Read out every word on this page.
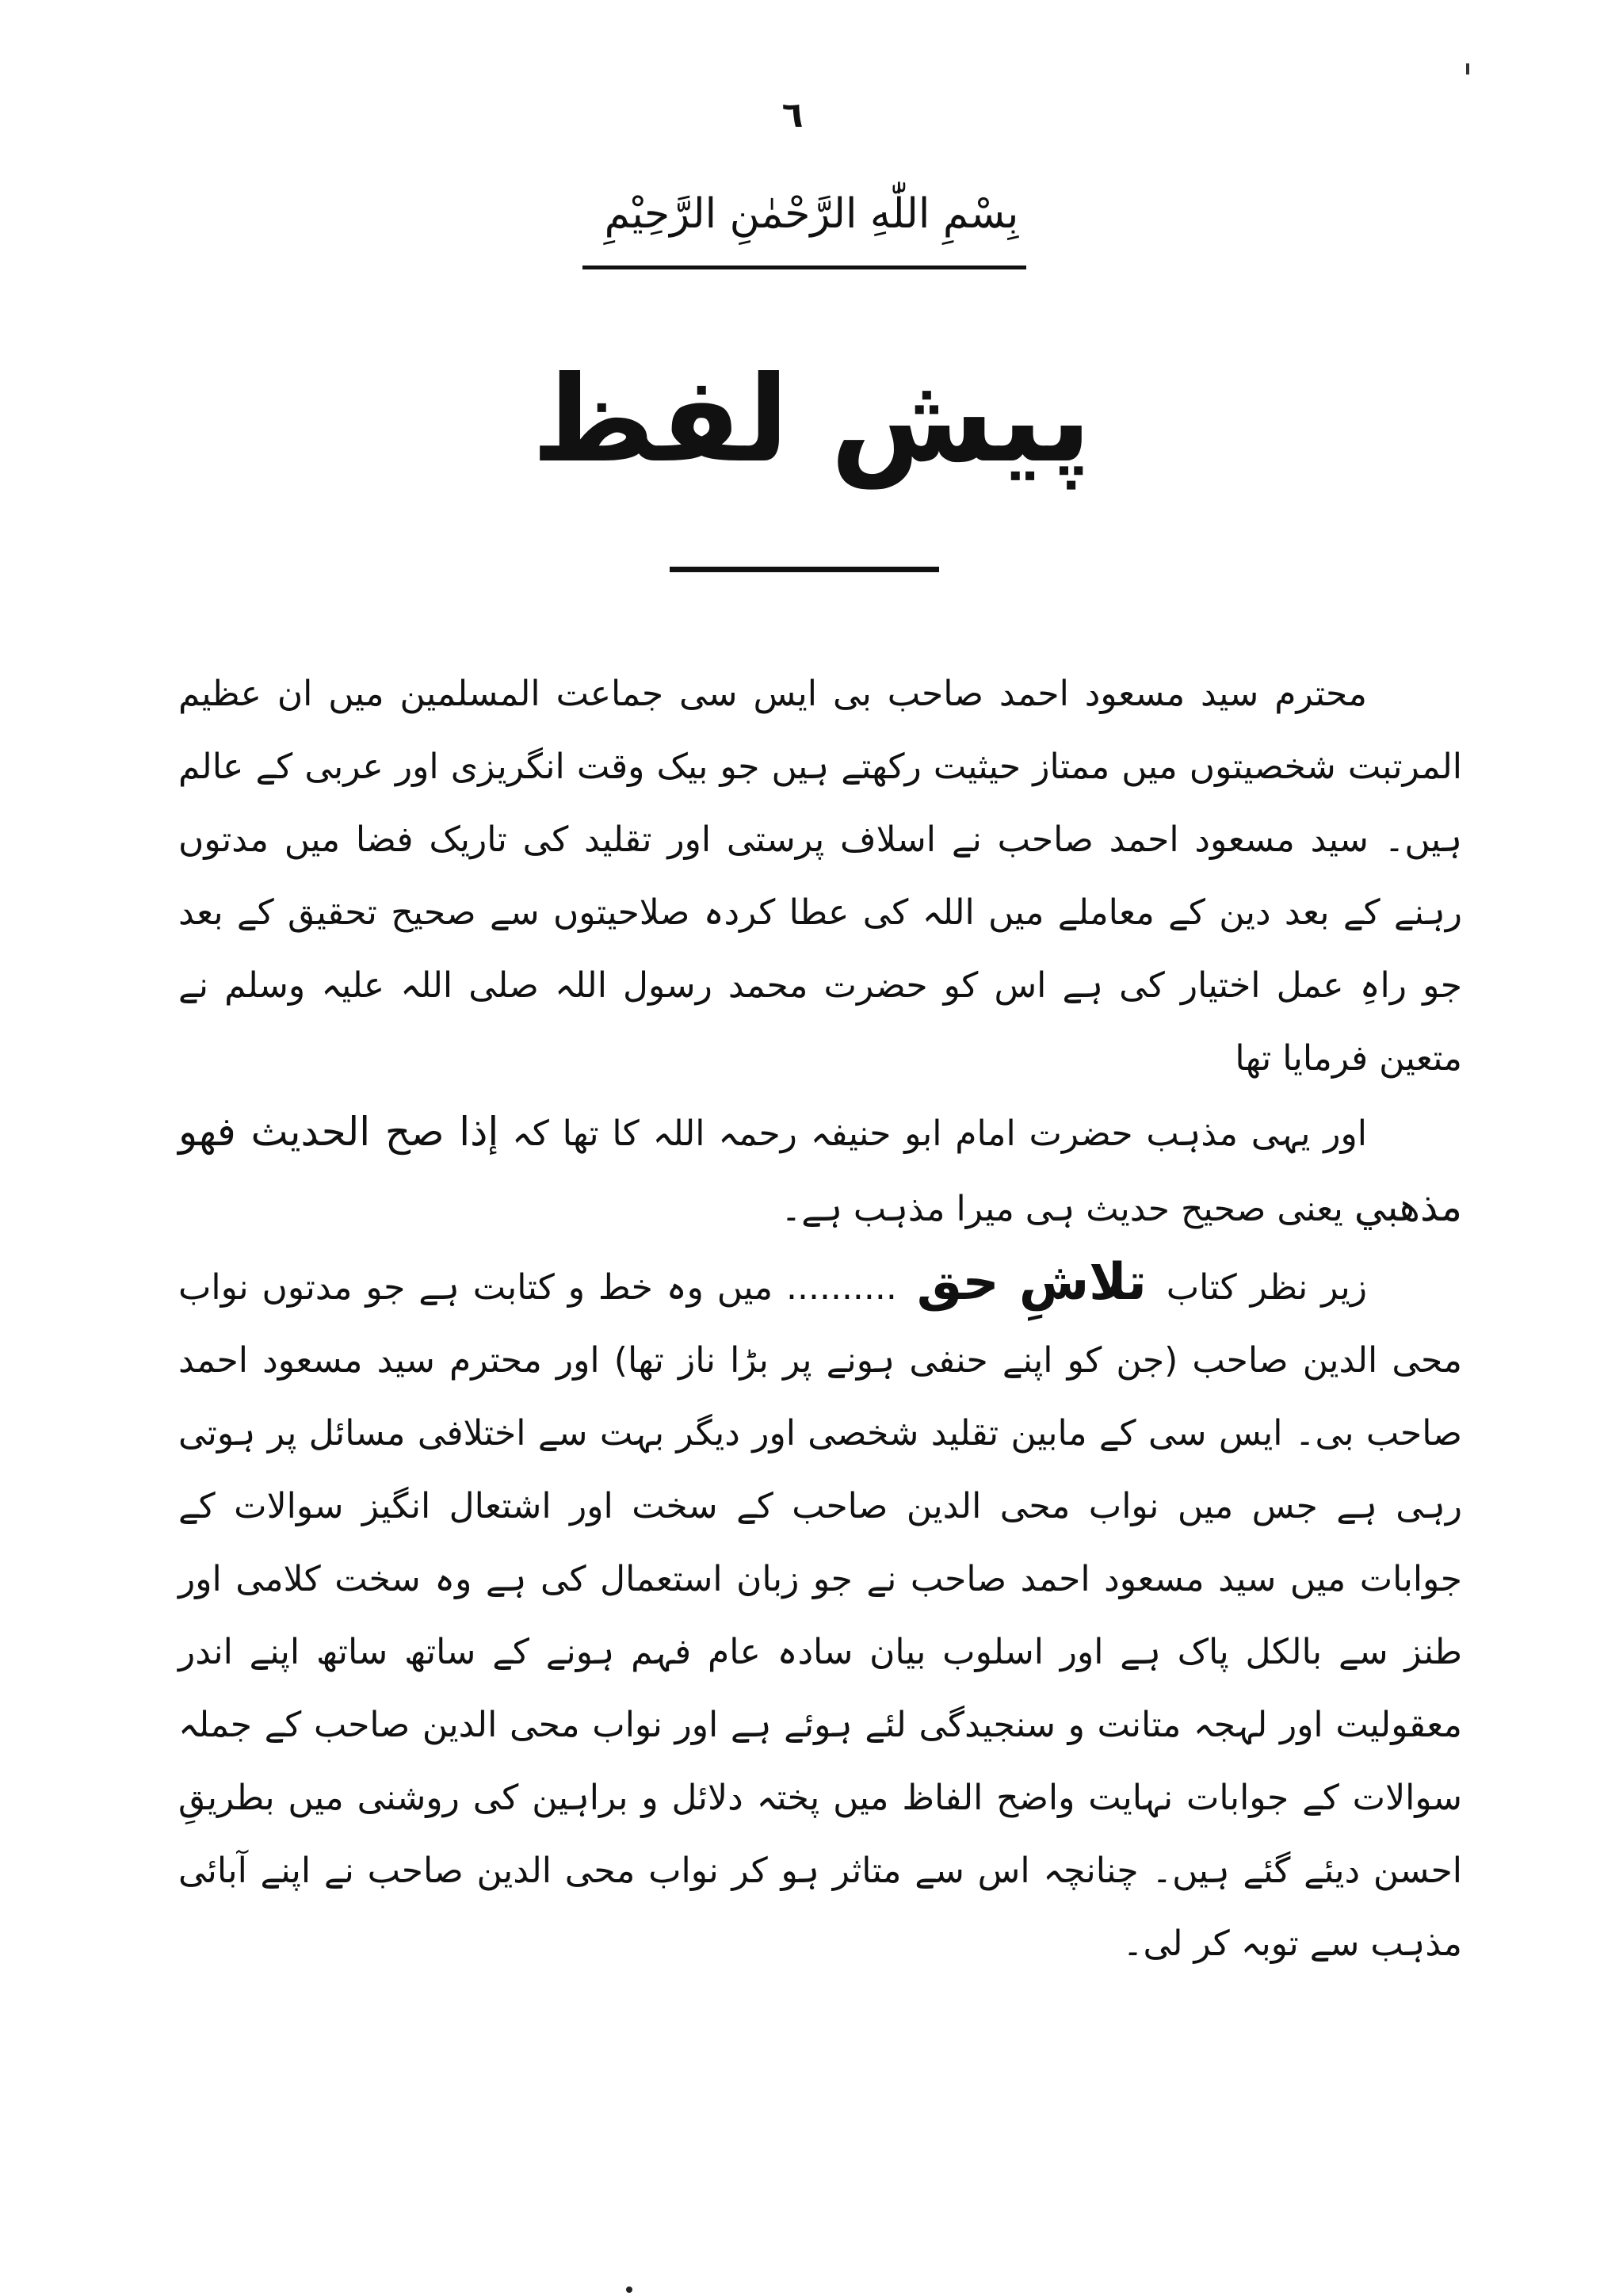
٦
بِسْمِ اللّٰهِ الرَّحْمٰنِ الرَّحِيْمِ
پیش لفظ

محترم سید مسعود احمد صاحب بی ایس سی جماعت المسلمین میں ان عظیم المرتبت شخصیتوں میں ممتاز حیثیت رکھتے ہیں جو بیک وقت انگریزی اور عربی کے عالم ہیں۔ سید مسعود احمد صاحب نے اسلاف پرستی اور تقلید کی تاریک فضا میں مدتوں رہنے کے بعد دین کے معاملے میں اللہ کی عطا کردہ صلاحیتوں سے صحیح تحقیق کے بعد جو راہِ عمل اختیار کی ہے اس کو حضرت محمد رسول اللہ صلی اللہ علیہ وسلم نے متعین فرمایا تھا

اور یہی مذہب حضرت امام ابو حنیفہ رحمہ اللہ کا تھا کہ إذا صح الحديث فهو مذهبي یعنی صحیح حدیث ہی میرا مذہب ہے۔

زیر نظر کتاب تلاشِ حق .......... میں وہ خط و کتابت ہے جو مدتوں نواب محی الدین صاحب (جن کو اپنے حنفی ہونے پر بڑا ناز تھا) اور محترم سید مسعود احمد صاحب بی۔ ایس سی کے مابین تقلید شخصی اور دیگر بہت سے اختلافی مسائل پر ہوتی رہی ہے جس میں نواب محی الدین صاحب کے سخت اور اشتعال انگیز سوالات کے جوابات میں سید مسعود احمد صاحب نے جو زبان استعمال کی ہے وہ سخت کلامی اور طنز سے بالکل پاک ہے اور اسلوب بیان سادہ عام فہم ہونے کے ساتھ ساتھ اپنے اندر معقولیت اور لہجہ متانت و سنجیدگی لئے ہوئے ہے اور نواب محی الدین صاحب کے جملہ سوالات کے جوابات نہایت واضح الفاظ میں پختہ دلائل و براہین کی روشنی میں بطریقِ احسن دیئے گئے ہیں۔ چنانچہ اس سے متاثر ہو کر نواب محی الدین صاحب نے اپنے آبائی مذہب سے توبہ کر لی۔
